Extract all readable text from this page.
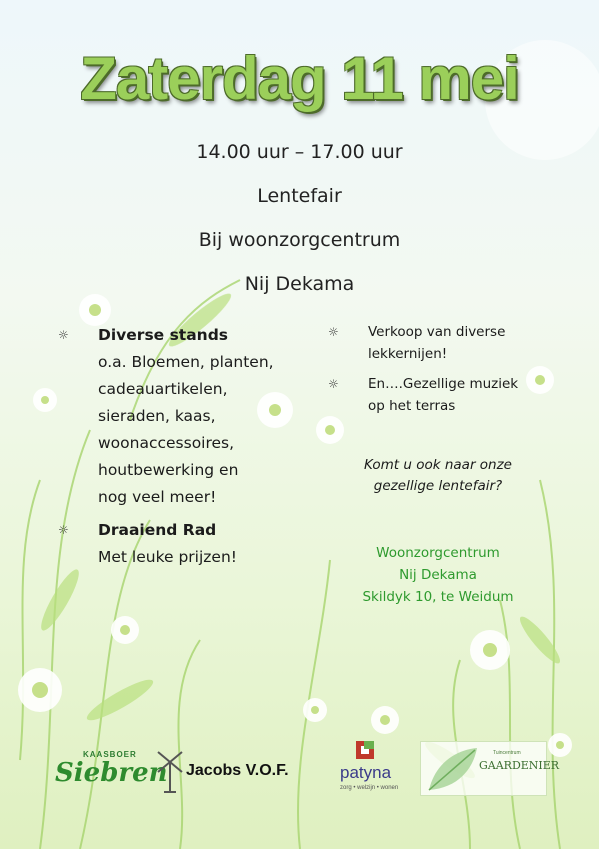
Zaterdag 11 mei
14.00 uur – 17.00 uur
Lentefair
Bij woonzorgcentrum
Nij Dekama
☼ Diverse stands
o.a. Bloemen, planten,
cadeauartikelen,
sieraden, kaas,
woonaccessoires,
houtbewerking en
nog veel meer!
☼ Draaiend Rad
Met leuke prijzen!
☼ Verkoop van diverse
lekkernijen!
☼ En….Gezellige muziek
op het terras
Komt u ook naar onze
gezellige lentefair?
Woonzorgcentrum
Nij Dekama
Skildyk 10, te Weidum
KAASBOER
Siebren Jacobs V.O.F.	patyna
zorg • welzijn • wonen
Tuincentrum
GAARDENIER
